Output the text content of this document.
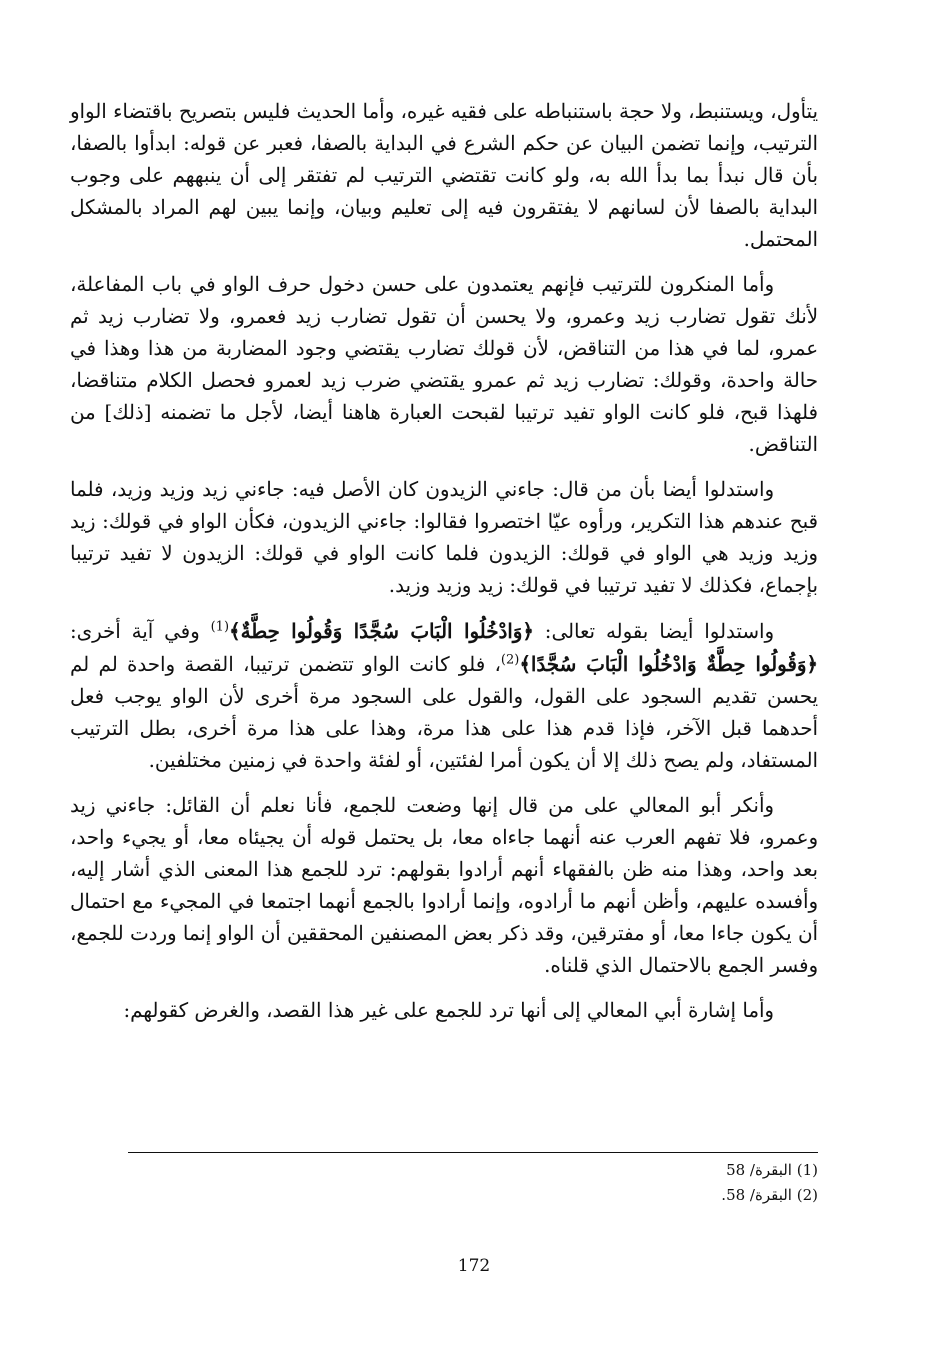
يتأول، ويستنبط، ولا حجة باستنباطه على فقيه غيره، وأما الحديث فليس بتصريح باقتضاء الواو الترتيب، وإنما تضمن البيان عن حكم الشرع في البداية بالصفا، فعبر عن قوله: ابدأوا بالصفا، بأن قال نبدأ بما بدأ الله به، ولو كانت تقتضي الترتيب لم تفتقر إلى أن ينبههم على وجوب البداية بالصفا لأن لسانهم لا يفتقرون فيه إلى تعليم وبيان، وإنما يبين لهم المراد بالمشكل المحتمل.

وأما المنكرون للترتيب فإنهم يعتمدون على حسن دخول حرف الواو في باب المفاعلة، لأنك تقول تضارب زيد وعمرو، ولا يحسن أن تقول تضارب زيد فعمرو، ولا تضارب زيد ثم عمرو، لما في هذا من التناقض، لأن قولك تضارب يقتضي وجود المضاربة من هذا وهذا في حالة واحدة، وقولك: تضارب زيد ثم عمرو يقتضي ضرب زيد لعمرو فحصل الكلام متناقضا، فلهذا قبح، فلو كانت الواو تفيد ترتيبا لقبحت العبارة هاهنا أيضا، لأجل ما تضمنه [ذلك] من التناقض.

واستدلوا أيضا بأن من قال: جاءني الزيدون كان الأصل فيه: جاءني زيد وزيد وزيد، فلما قبح عندهم هذا التكرير، ورأوه عيّا اختصروا فقالوا: جاءني الزيدون، فكأن الواو في قولك: زيد وزيد وزيد هي الواو في قولك: الزيدون فلما كانت الواو في قولك: الزيدون لا تفيد ترتيبا بإجماع، فكذلك لا تفيد ترتيبا في قولك: زيد وزيد وزيد.

واستدلوا أيضا بقوله تعالى: ﴿وَادْخُلُوا الْبَابَ سُجَّدًا وَقُولُوا حِطَّةٌ﴾$^{(1)}$ وفي آية أخرى: ﴿وَقُولُوا حِطَّةٌ وَادْخُلُوا الْبَابَ سُجَّدًا﴾$^{(2)}$، فلو كانت الواو تتضمن ترتيبا، القصة واحدة لم لم يحسن تقديم السجود على القول، والقول على السجود مرة أخرى لأن الواو يوجب فعل أحدهما قبل الآخر، فإذا قدم هذا على هذا مرة، وهذا على هذا مرة أخرى، بطل الترتيب المستفاد، ولم يصح ذلك إلا أن يكون أمرا لفئتين، أو لفئة واحدة في زمنين مختلفين.

وأنكر أبو المعالي على من قال إنها وضعت للجمع، فأنا نعلم أن القائل: جاءني زيد وعمرو، فلا تفهم العرب عنه أنهما جاءاه معا، بل يحتمل قوله أن يجيئاه معا، أو يجيء واحد، بعد واحد، وهذا منه ظن بالفقهاء أنهم أرادوا بقولهم: ترد للجمع هذا المعنى الذي أشار إليه، وأفسده عليهم، وأظن أنهم ما أرادوه، وإنما أرادوا بالجمع أنهما اجتمعا في المجيء مع احتمال أن يكون جاءا معا، أو مفترقين، وقد ذكر بعض المصنفين المحققين أن الواو إنما وردت للجمع، وفسر الجمع بالاحتمال الذي قلناه.

وأما إشارة أبي المعالي إلى أنها ترد للجمع على غير هذا القصد، والغرض كقولهم:

(1) البقرة/ 58
(2) البقرة/ 58.
172
